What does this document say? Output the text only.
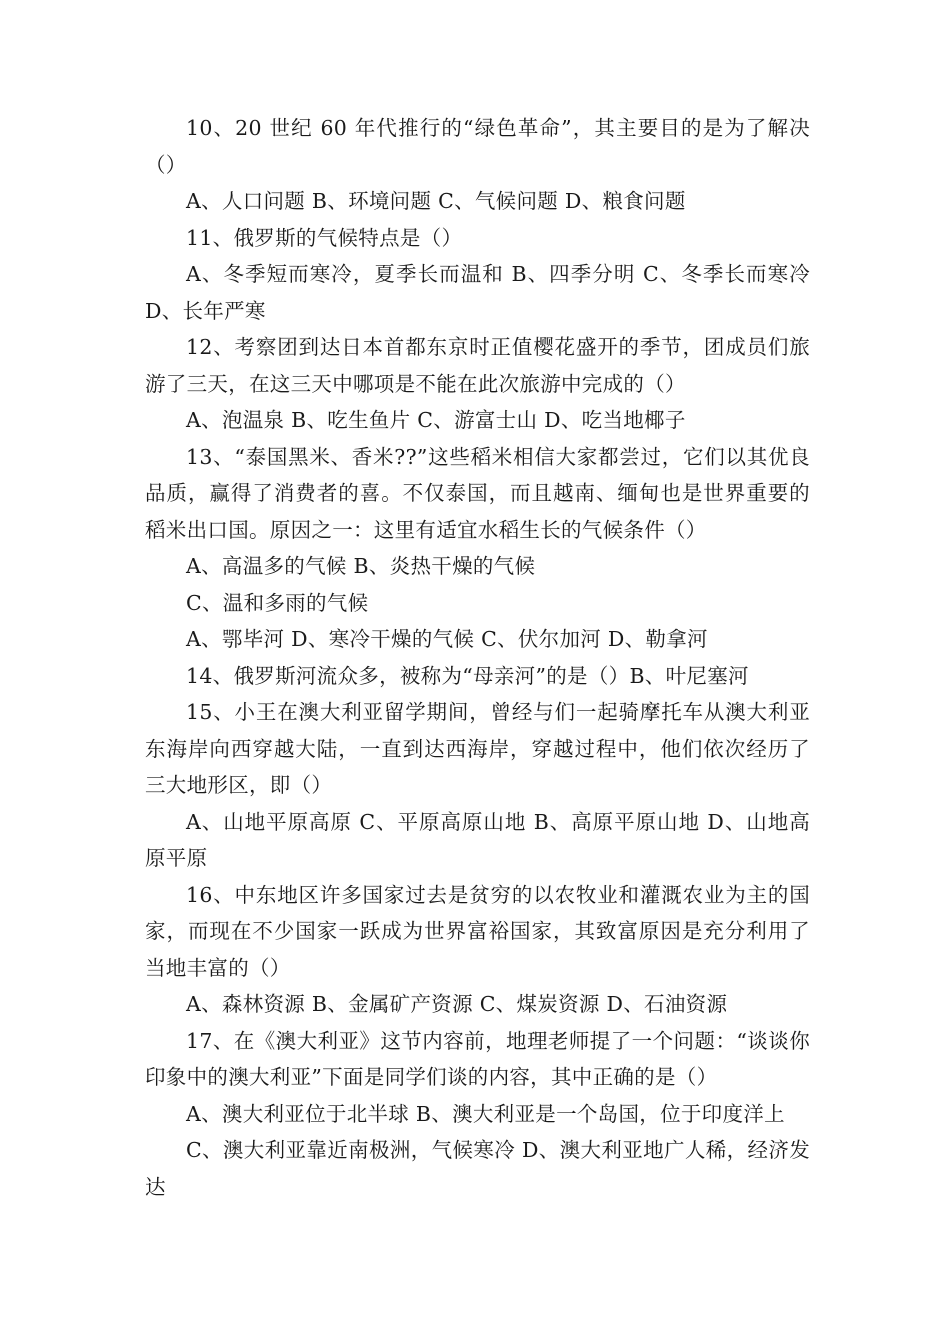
10、20 世纪 60 年代推行的“绿色革命”，其主要目的是为了解决（）

A、人口问题 B、环境问题 C、气候问题 D、粮食问题

11、俄罗斯的气候特点是（）

A、冬季短而寒冷，夏季长而温和 B、四季分明 C、冬季长而寒冷 D、长年严寒

12、考察团到达日本首都东京时正值樱花盛开的季节，团成员们旅游了三天，在这三天中哪项是不能在此次旅游中完成的（）

A、泡温泉 B、吃生鱼片 C、游富士山 D、吃当地椰子

13、“泰国黑米、香米??”这些稻米相信大家都尝过，它们以其优良品质，赢得了消费者的喜。不仅泰国，而且越南、缅甸也是世界重要的稻米出口国。原因之一：这里有适宜水稻生长的气候条件（）

A、高温多的气候 B、炎热干燥的气候

C、温和多雨的气候

A、鄂毕河 D、寒冷干燥的气候 C、伏尔加河 D、勒拿河

14、俄罗斯河流众多，被称为“母亲河”的是（）B、叶尼塞河

15、小王在澳大利亚留学期间，曾经与们一起骑摩托车从澳大利亚东海岸向西穿越大陆，一直到达西海岸，穿越过程中，他们依次经历了三大地形区，即（）

A、山地平原高原 C、平原高原山地 B、高原平原山地 D、山地高原平原

16、中东地区许多国家过去是贫穷的以农牧业和灌溉农业为主的国家，而现在不少国家一跃成为世界富裕国家，其致富原因是充分利用了当地丰富的（）

A、森林资源 B、金属矿产资源 C、煤炭资源 D、石油资源

17、在《澳大利亚》这节内容前，地理老师提了一个问题：“谈谈你印象中的澳大利亚”下面是同学们谈的内容，其中正确的是（）

A、澳大利亚位于北半球 B、澳大利亚是一个岛国，位于印度洋上

C、澳大利亚靠近南极洲，气候寒冷 D、澳大利亚地广人稀，经济发达
